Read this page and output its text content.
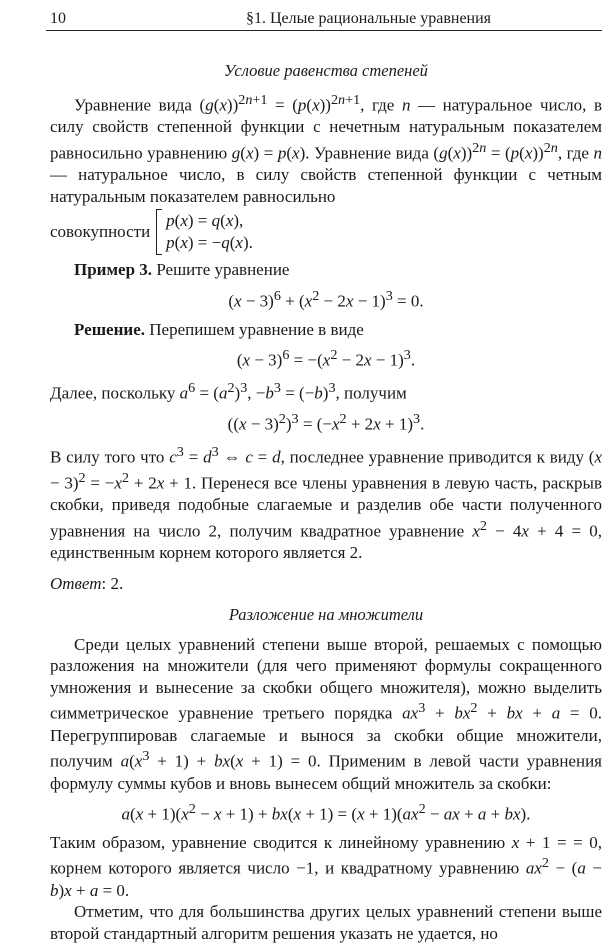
10	§1. Целые рациональные уравнения
Условие равенства степеней

Уравнение вида $(g(x))^{2n+1} = (p(x))^{2n+1}$, где n — натуральное число, в силу свойств степенной функции с нечетным натуральным показателем равносильно уравнению g(x) = p(x). Уравнение вида $(g(x))^{2n} = (p(x))^{2n}$, где n — натуральное число, в силу свойств степенной функции с четным натуральным показателем равносильно

совокупности
p(x) = q(x),
p(x) = −q(x).

Пример 3. Решите уравнение

$(x - 3)^6 + (x^2 - 2x - 1)^3 = 0$.

Решение. Перепишем уравнение в виде

$(x - 3)^6 = -(x^2 - 2x - 1)^3$.

Далее, поскольку $a^6 = (a^2)^3$, $-b^3 = (-b)^3$, получим

$((x - 3)^2)^3 = (-x^2 + 2x + 1)^3$.

В силу того что $c^3 = d^3$ ⇔ c = d, последнее уравнение приводится к виду $(x - 3)^2 = -x^2 + 2x + 1$. Перенеся все члены уравнения в левую часть, раскрыв скобки, приведя подобные слагаемые и разделив обе части полученного уравнения на число 2, получим квадратное уравнение $x^2 - 4x + 4 = 0$, единственным корнем которого является 2.

Ответ: 2.
Разложение на множители

Среди целых уравнений степени выше второй, решаемых с помощью разложения на множители (для чего применяют формулы сокращенного умножения и вынесение за скобки общего множителя), можно выделить симметрическое уравнение третьего порядка $ax^3 + bx^2$ + bx + a = 0. Перегруппировав слагаемые и вынося за скобки общие множители, получим $a(x^3 + 1) + bx(x + 1) = 0$. Применим в левой части уравнения формулу суммы кубов и вновь вынесем общий множитель за скобки:

$a(x + 1)(x^2 - x + 1) + bx(x + 1) = (x + 1)(ax^2$ − ax + a + bx).

Таким образом, уравнение сводится к линейному уравнению x + 1 = = 0, корнем которого является число −1, и квадратному уравнению $ax^2 - (a - b)x + a = 0$.

Отметим, что для большинства других целых уравнений степени выше второй стандартный алгоритм решения указать не удается, но
